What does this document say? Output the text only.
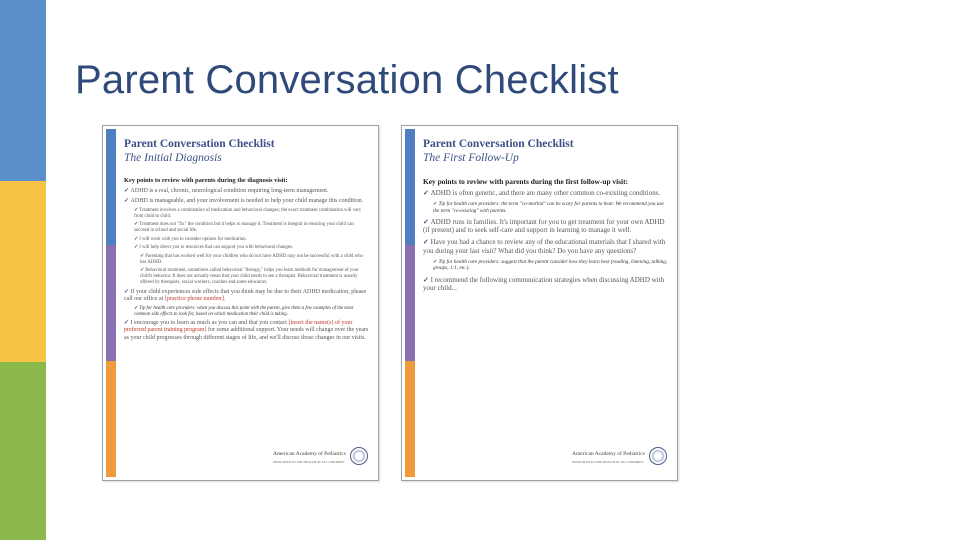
Parent Conversation Checklist
Parent Conversation Checklist
The Initial Diagnosis
Key points to review with parents during the diagnosis visit:
✓ ADHD is a real, chronic, neurological condition requiring long-term management.
✓ ADHD is manageable, and your involvement is needed to help your child manage this condition.
✓ Treatment involves a combination of medication and behavioral changes; the exact treatment combination will vary from child to child.
✓ Treatment does not "fix" the condition but it helps to manage it. Treatment is integral in ensuring your child can succeed in school and social life.
✓ I will work with you to consider options for medication.
✓ I will help direct you to resources that can support you with behavioral changes.
✓ Parenting that has worked well for your children who do not have ADHD may not be successful with a child who has ADHD.
✓ Behavioral treatment, sometimes called behavioral "therapy," helps you learn methods for management of your child's behavior. It does not actually mean that your child needs to see a therapist. Behavioral treatment is usually offered by therapists, social workers, coaches and some educators.
✓ If your child experiences side effects that you think may be due to their ADHD medication, please call our office at [practice phone number].
✓ Tip for health care providers: when you discuss this point with the parent, give them a few examples of the most common side effects to look for, based on which medication their child is taking.
✓ I encourage you to learn as much as you can and that you contact [insert the name(s) of your preferred parent training program] for some additional support. Your needs will change over the years as your child progresses through different stages of life, and we'll discuss those changes in our visits.
American Academy of Pediatrics
DEDICATED TO THE HEALTH OF ALL CHILDREN
Parent Conversation Checklist
The First Follow-Up
Key points to review with parents during the first follow-up visit:
✓ ADHD is often genetic, and there are many other common co-existing conditions.
✓ Tip for health care providers: the term "co-morbid" can be scary for parents to hear. We recommend you use the term "co-existing" with parents.
✓ ADHD runs in families. It's important for you to get treatment for your own ADHD (if present) and to seek self-care and support in learning to manage it well.
✓ Have you had a chance to review any of the educational materials that I shared with you during your last visit? What did you think? Do you have any questions?
✓ Tip for health care providers: suggest that the parent consider how they learn best (reading, listening, talking, groups, 1:1, etc.).
✓ I recommend the following communication strategies when discussing ADHD with your child...
American Academy of Pediatrics
DEDICATED TO THE HEALTH OF ALL CHILDREN
